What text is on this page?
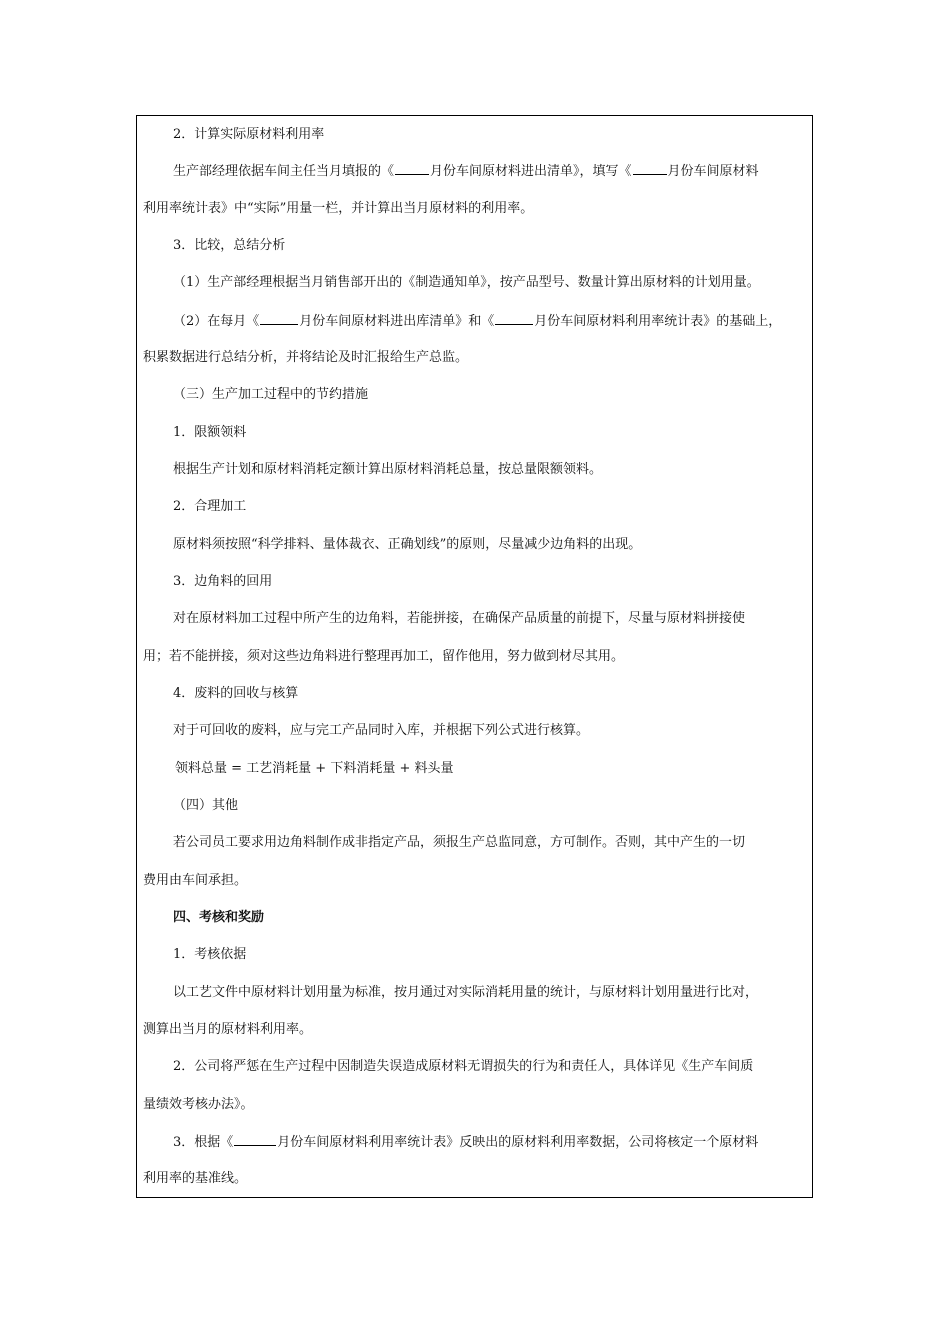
2．计算实际原材料利用率
生产部经理依据车间主任当月填报的《	月份车间原材料进出清单》，填写《	月份车间原材料
利用率统计表》中“实际”用量一栏，并计算出当月原材料的利用率。
3．比较，总结分析
（1）生产部经理根据当月销售部开出的《制造通知单》，按产品型号、数量计算出原材料的计划用量。
（2）在每月《	月份车间原材料进出库清单》和《	月份车间原材料利用率统计表》的基础上，
积累数据进行总结分析，并将结论及时汇报给生产总监。
（三）生产加工过程中的节约措施
1．限额领料
根据生产计划和原材料消耗定额计算出原材料消耗总量，按总量限额领料。
2．合理加工
原材料须按照“科学排料、量体裁衣、正确划线”的原则，尽量减少边角料的出现。
3．边角料的回用
对在原材料加工过程中所产生的边角料，若能拼接，在确保产品质量的前提下，尽量与原材料拼接使
用；若不能拼接，须对这些边角料进行整理再加工，留作他用，努力做到材尽其用。
4．废料的回收与核算
对于可回收的废料，应与完工产品同时入库，并根据下列公式进行核算。
领料总量 = 工艺消耗量 + 下料消耗量 + 料头量
（四）其他
若公司员工要求用边角料制作成非指定产品，须报生产总监同意，方可制作。否则，其中产生的一切
费用由车间承担。
四、考核和奖励
1．考核依据
以工艺文件中原材料计划用量为标准，按月通过对实际消耗用量的统计，与原材料计划用量进行比对，
测算出当月的原材料利用率。
2．公司将严惩在生产过程中因制造失误造成原材料无谓损失的行为和责任人，具体详见《生产车间质
量绩效考核办法》。
3．根据《	月份车间原材料利用率统计表》反映出的原材料利用率数据，公司将核定一个原材料
利用率的基准线。
